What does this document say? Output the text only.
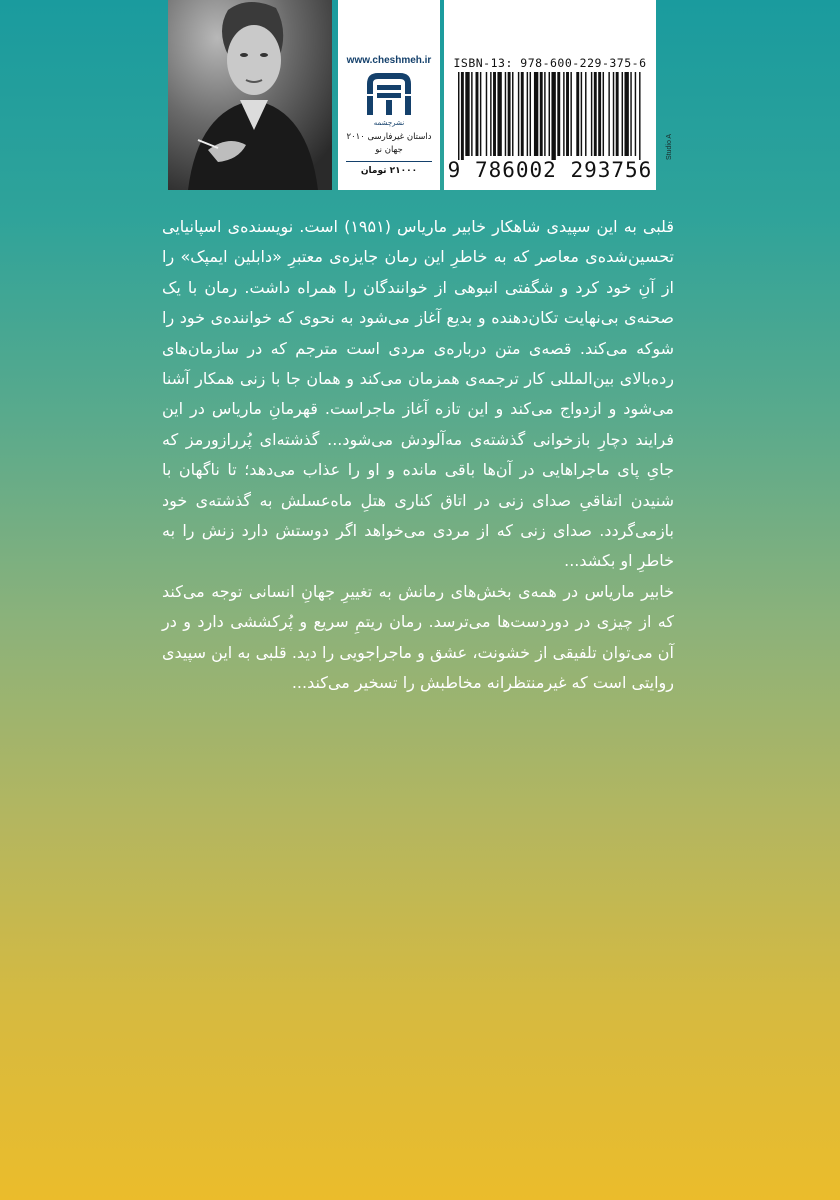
www.cheshmeh.ir
نشرچشمه
داستان غیرفارسی ۲۰۱۰
جهان نو
۲۱۰۰۰ تومان
ISBN-13: 978-600-229-375-6
9 786002 293756
Studio A

قلبی به این سپیدی شاهکار خابیر ماریاس (۱۹۵۱) است. نویسنده‌ی اسپانیایی تحسین‌شده‌ی معاصر که به خاطرِ این رمان جایزه‌ی معتبرِ «دابلین ایمپک» را از آنِ خود کرد و شگفتی انبوهی از خوانندگان را همراه داشت. رمان با یک صحنه‌ی بی‌نهایت تکان‌دهنده و بدیع آغاز می‌شود به نحوی که خواننده‌ی خود را شوکه می‌کند. قصه‌ی متن درباره‌ی مردی است مترجم که در سازمان‌های رده‌بالای بین‌المللی کار ترجمه‌ی همزمان می‌کند و همان جا با زنی همکار آشنا می‌شود و ازدواج می‌کند و این تازه آغاز ماجراست. قهرمانِ ماریاس در این فرایند دچارِ بازخوانی گذشته‌ی مه‌آلودش می‌شود... گذشته‌ای پُررازورمز که جایِ پای ماجراهایی در آن‌ها باقی مانده و او را عذاب می‌دهد؛ تا ناگهان با شنیدن اتفاقیِ صدای زنی در اتاق کناری هتلِ ماه‌عسلش به گذشته‌ی خود بازمی‌گردد. صدای زنی که از مردی می‌خواهد اگر دوستش دارد زنش را به خاطرِ او بکشد...

خابیر ماریاس در همه‌ی بخش‌های رمانش به تغییرِ جهانِ انسانی توجه می‌کند که از چیزی در دوردست‌ها می‌ترسد. رمان ریتمِ سریع و پُرکششی دارد و در آن می‌توان تلفیقی از خشونت، عشق و ماجراجویی را دید. قلبی به این سپیدی روایتی است که غیرمنتظرانه مخاطبش را تسخیر می‌کند...
